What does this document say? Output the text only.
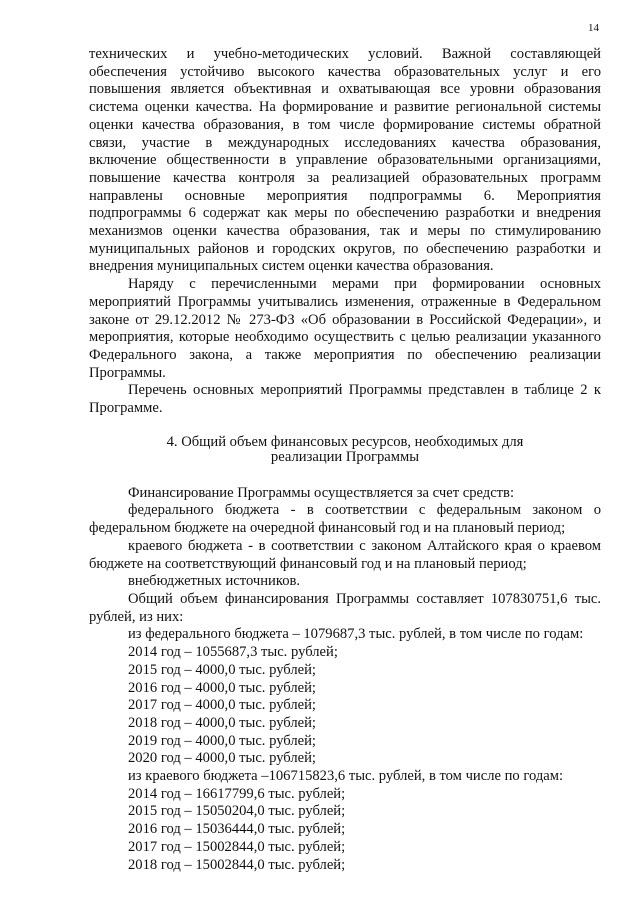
14

технических и учебно-методических условий. Важной составляющей обеспечения устойчиво высокого качества образовательных услуг и его повышения является объективная и охватывающая все уровни образования система оценки качества. На формирование и развитие региональной системы оценки качества образования, в том числе формирование системы обратной связи, участие в международных исследованиях качества образования, включение общественности в управление образовательными организациями, повышение качества контроля за реализацией образовательных программ направлены основные мероприятия подпрограммы 6. Мероприятия подпрограммы 6 содержат как меры по обеспечению разработки и внедрения механизмов оценки качества образования, так и меры по стимулированию муниципальных районов и городских округов, по обеспечению разработки и внедрения муниципальных систем оценки качества образования.

Наряду с перечисленными мерами при формировании основных мероприятий Программы учитывались изменения, отраженные в Федеральном законе от 29.12.2012 № 273-ФЗ «Об образовании в Российской Федерации», и мероприятия, которые необходимо осуществить с целью реализации указанного Федерального закона, а также мероприятия по обеспечению реализации Программы.

Перечень основных мероприятий Программы представлен в таблице 2 к Программе.

4. Общий объем финансовых ресурсов, необходимых для
реализации Программы

Финансирование Программы осуществляется за счет средств:

федерального бюджета - в соответствии с федеральным законом о федеральном бюджете на очередной финансовый год и на плановый период;

краевого бюджета - в соответствии с законом Алтайского края о краевом бюджете на соответствующий финансовый год и на плановый период;

внебюджетных источников.

Общий объем финансирования Программы составляет 107830751,6 тыс. рублей, из них:

из федерального бюджета – 1079687,3 тыс. рублей, в том числе по годам:

2014 год – 1055687,3 тыс. рублей;
2015 год – 4000,0 тыс. рублей;
2016 год – 4000,0 тыс. рублей;
2017 год – 4000,0 тыс. рублей;
2018 год – 4000,0 тыс. рублей;
2019 год – 4000,0 тыс. рублей;
2020 год – 4000,0 тыс. рублей;

из краевого бюджета –106715823,6 тыс. рублей, в том числе по годам:

2014 год – 16617799,6 тыс. рублей;
2015 год – 15050204,0 тыс. рублей;
2016 год – 15036444,0 тыс. рублей;
2017 год – 15002844,0 тыс. рублей;
2018 год – 15002844,0 тыс. рублей;
